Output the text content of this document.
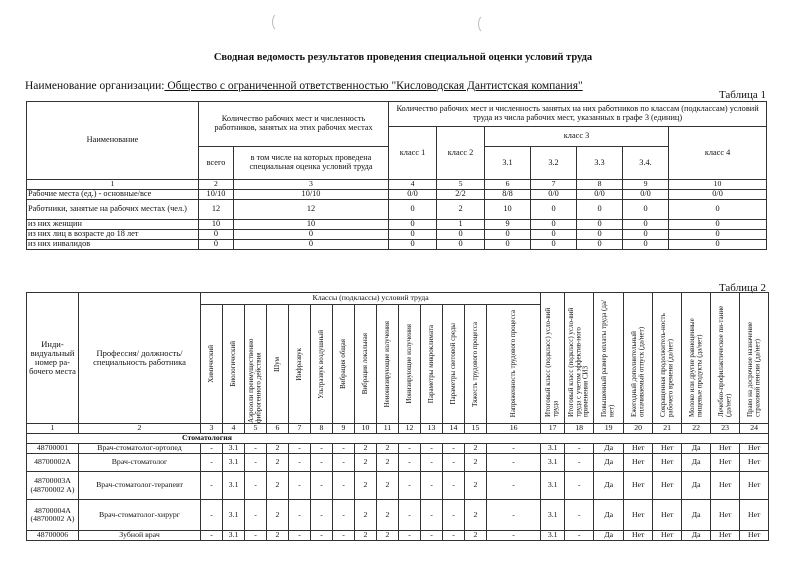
Сводная ведомость результатов проведения специальной оценки условий труда
Наименование организации: Общество с ограниченной ответственностью "Кисловодская Дантистская компания"
Таблица 1
Наименование	Количество рабочих мест и численность работников, занятых на этих рабочих местах		Количество рабочих мест и численность занятых на них работников по классам (подклассам) условий труда из числа рабочих мест, указанных в графе 3 (единиц)						
			класс 1	класс 2	класс 3				класс 4
	всего	в том числе на которых проведена специальная оценка условий труда			3.1	3.2	3.3	3.4.	
1	2	3	4	5	6	7	8	9	10
Рабочие места (ед.) - основные/все	10/10	10/10	0/0	2/2	8/8	0/0	0/0	0/0	0/0
Работники, занятые на рабочих местах (чел.)	12	12	0	2	10	0	0	0	0
из них женщин	10	10	0	1	9	0	0	0	0
из них лиц в возрасте до 18 лет	0	0	0	0	0	0	0	0	0
из них инвалидов	0	0	0	0	0	0	0	0	0
Таблица 2
Инди-видуальный номер ра-бочего места	Профессия/ должность/ специальность работника	Классы (подклассы) условий труда														Итоговый класс (подкласс) усло-вий труда	Итоговый класс (подкласс) усло-вий труда с учетом эффектив-ного применения СИЗ	Повышенный размер оплаты труда (да/нет)	Ежегодный дополнительный оплачиваемый отпуск (да/нет)	Сокращенная продолжитель-ность рабочего времени (да/нет)	Молоко или другие равноценные пищевые продукты (да/нет)	Лечебно-профилактическое пи-тание (да/нет)	Право на досрочное назначение страховой пенсии (да/нет)

		Химический	Биологический	Аэрозоли преимущественно фиброгенного действия	Шум	Инфразвук	Ультразвук воздушный	Вибрация общая	Вибрация локальная	Неионизирующие излучения	Ионизирующие излучения	Параметры микроклимата	Параметры световой среды	Тяжесть трудового процесса	Напряженность трудового процесса								

1	2	3	4	5	6	7	8	9	10	11	12	13	14	15	16	17	18	19	20	21	22	23	24
Стоматология																							
48700001	Врач-стоматолог-ортопед	-	3.1	-	2	-	-	-	2	2	-	-	-	2	-	3.1	-	Да	Нет	Нет	Да	Нет	Нет
48700002А	Врач-стоматолог	-	3.1	-	2	-	-	-	2	2	-	-	-	2	-	3.1	-	Да	Нет	Нет	Да	Нет	Нет
48700003А (48700002 А)	Врач-стоматолог-терапевт	-	3.1	-	2	-	-	-	2	2	-	-	-	2	-	3.1	-	Да	Нет	Нет	Да	Нет	Нет
48700004А (48700002 А)	Врач-стоматолог-хирург	-	3.1	-	2	-	-	-	2	2	-	-	-	2	-	3.1	-	Да	Нет	Нет	Да	Нет	Нет
48700006	Зубной врач	-	3.1	-	2	-	-	-	2	2	-	-	-	2	-	3.1	-	Да	Нет	Нет	Да	Нет	Нет
